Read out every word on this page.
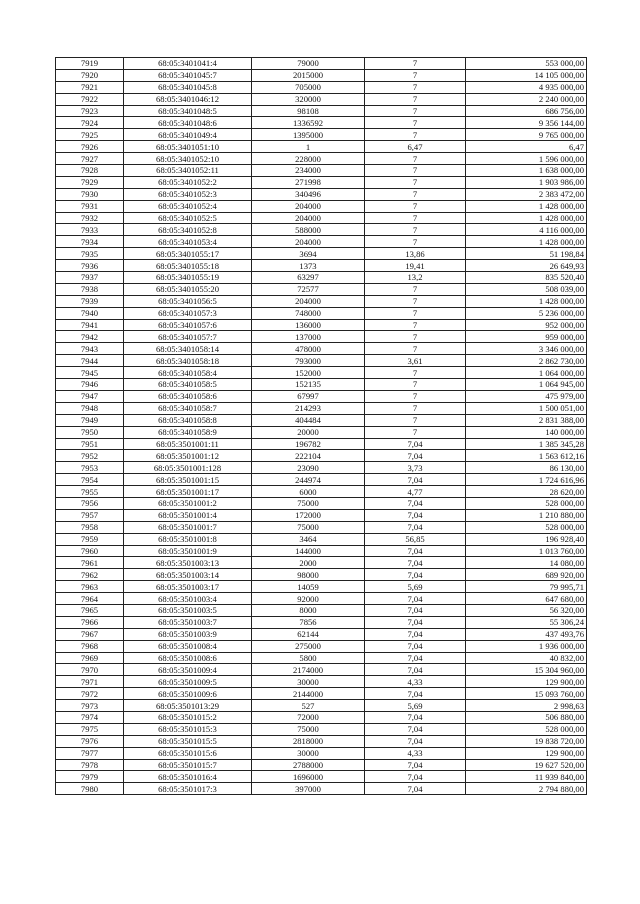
7919	68:05:3401041:4	79000	7	553 000,00
7920	68:05:3401045:7	2015000	7	14 105 000,00
7921	68:05:3401045:8	705000	7	4 935 000,00
7922	68:05:3401046:12	320000	7	2 240 000,00
7923	68:05:3401048:5	98108	7	686 756,00
7924	68:05:3401048:6	1336592	7	9 356 144,00
7925	68:05:3401049:4	1395000	7	9 765 000,00
7926	68:05:3401051:10	1	6,47	6,47
7927	68:05:3401052:10	228000	7	1 596 000,00
7928	68:05:3401052:11	234000	7	1 638 000,00
7929	68:05:3401052:2	271998	7	1 903 986,00
7930	68:05:3401052:3	340496	7	2 383 472,00
7931	68:05:3401052:4	204000	7	1 428 000,00
7932	68:05:3401052:5	204000	7	1 428 000,00
7933	68:05:3401052:8	588000	7	4 116 000,00
7934	68:05:3401053:4	204000	7	1 428 000,00
7935	68:05:3401055:17	3694	13,86	51 198,84
7936	68:05:3401055:18	1373	19,41	26 649,93
7937	68:05:3401055:19	63297	13,2	835 520,40
7938	68:05:3401055:20	72577	7	508 039,00
7939	68:05:3401056:5	204000	7	1 428 000,00
7940	68:05:3401057:3	748000	7	5 236 000,00
7941	68:05:3401057:6	136000	7	952 000,00
7942	68:05:3401057:7	137000	7	959 000,00
7943	68:05:3401058:14	478000	7	3 346 000,00
7944	68:05:3401058:18	793000	3,61	2 862 730,00
7945	68:05:3401058:4	152000	7	1 064 000,00
7946	68:05:3401058:5	152135	7	1 064 945,00
7947	68:05:3401058:6	67997	7	475 979,00
7948	68:05:3401058:7	214293	7	1 500 051,00
7949	68:05:3401058:8	404484	7	2 831 388,00
7950	68:05:3401058:9	20000	7	140 000,00
7951	68:05:3501001:11	196782	7,04	1 385 345,28
7952	68:05:3501001:12	222104	7,04	1 563 612,16
7953	68:05:3501001:128	23090	3,73	86 130,00
7954	68:05:3501001:15	244974	7,04	1 724 616,96
7955	68:05:3501001:17	6000	4,77	28 620,00
7956	68:05:3501001:2	75000	7,04	528 000,00
7957	68:05:3501001:4	172000	7,04	1 210 880,00
7958	68:05:3501001:7	75000	7,04	528 000,00
7959	68:05:3501001:8	3464	56,85	196 928,40
7960	68:05:3501001:9	144000	7,04	1 013 760,00
7961	68:05:3501003:13	2000	7,04	14 080,00
7962	68:05:3501003:14	98000	7,04	689 920,00
7963	68:05:3501003:17	14059	5,69	79 995,71
7964	68:05:3501003:4	92000	7,04	647 680,00
7965	68:05:3501003:5	8000	7,04	56 320,00
7966	68:05:3501003:7	7856	7,04	55 306,24
7967	68:05:3501003:9	62144	7,04	437 493,76
7968	68:05:3501008:4	275000	7,04	1 936 000,00
7969	68:05:3501008:6	5800	7,04	40 832,00
7970	68:05:3501009:4	2174000	7,04	15 304 960,00
7971	68:05:3501009:5	30000	4,33	129 900,00
7972	68:05:3501009:6	2144000	7,04	15 093 760,00
7973	68:05:3501013:29	527	5,69	2 998,63
7974	68:05:3501015:2	72000	7,04	506 880,00
7975	68:05:3501015:3	75000	7,04	528 000,00
7976	68:05:3501015:5	2818000	7,04	19 838 720,00
7977	68:05:3501015:6	30000	4,33	129 900,00
7978	68:05:3501015:7	2788000	7,04	19 627 520,00
7979	68:05:3501016:4	1696000	7,04	11 939 840,00
7980	68:05:3501017:3	397000	7,04	2 794 880,00
